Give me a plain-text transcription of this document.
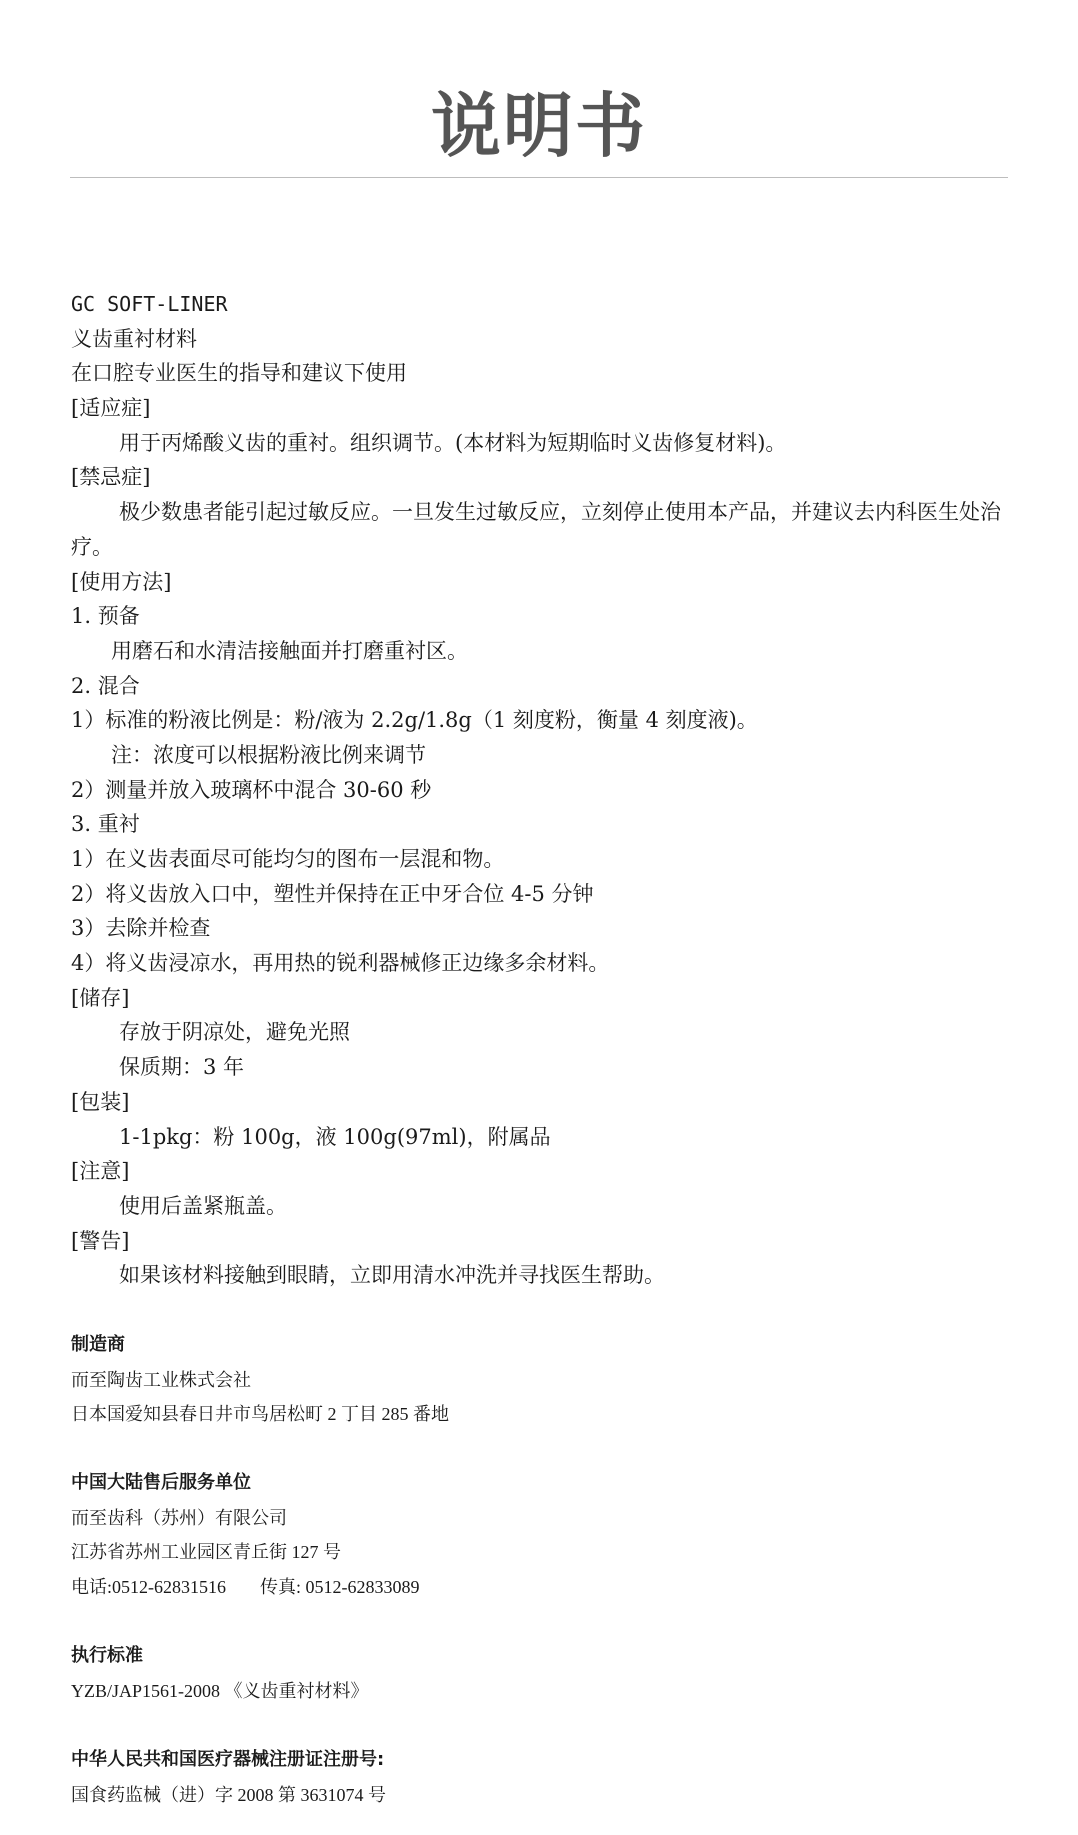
说明书
GC SOFT-LINER
义齿重衬材料
在口腔专业医生的指导和建议下使用
[适应症]
用于丙烯酸义齿的重衬。组织调节。(本材料为短期临时义齿修复材料)。
[禁忌症]
极少数患者能引起过敏反应。一旦发生过敏反应，立刻停止使用本产品，并建议去内科医生处治疗。
[使用方法]
1. 预备
用磨石和水清洁接触面并打磨重衬区。
2. 混合
1）标准的粉液比例是：粉/液为 2.2g/1.8g（1 刻度粉，衡量 4 刻度液)。
注：浓度可以根据粉液比例来调节
2）测量并放入玻璃杯中混合 30-60 秒
3. 重衬
1）在义齿表面尽可能均匀的图布一层混和物。
2）将义齿放入口中，塑性并保持在正中牙合位 4-5 分钟
3）去除并检查
4）将义齿浸凉水，再用热的锐利器械修正边缘多余材料。
[储存]
存放于阴凉处，避免光照
保质期：3 年
[包装]
1-1pkg：粉 100g，液 100g(97ml)，附属品
[注意]
使用后盖紧瓶盖。
[警告]
如果该材料接触到眼睛，立即用清水冲洗并寻找医生帮助。
制造商
而至陶齿工业株式会社
日本国爱知县春日井市鸟居松町 2 丁目 285 番地
中国大陆售后服务单位
而至齿科（苏州）有限公司
江苏省苏州工业园区青丘街 127 号
电话:0512-62831516 传真: 0512-62833089
执行标准
YZB/JAP1561-2008 《义齿重衬材料》
中华人民共和国医疗器械注册证注册号:
国食药监械（进）字 2008 第 3631074 号
